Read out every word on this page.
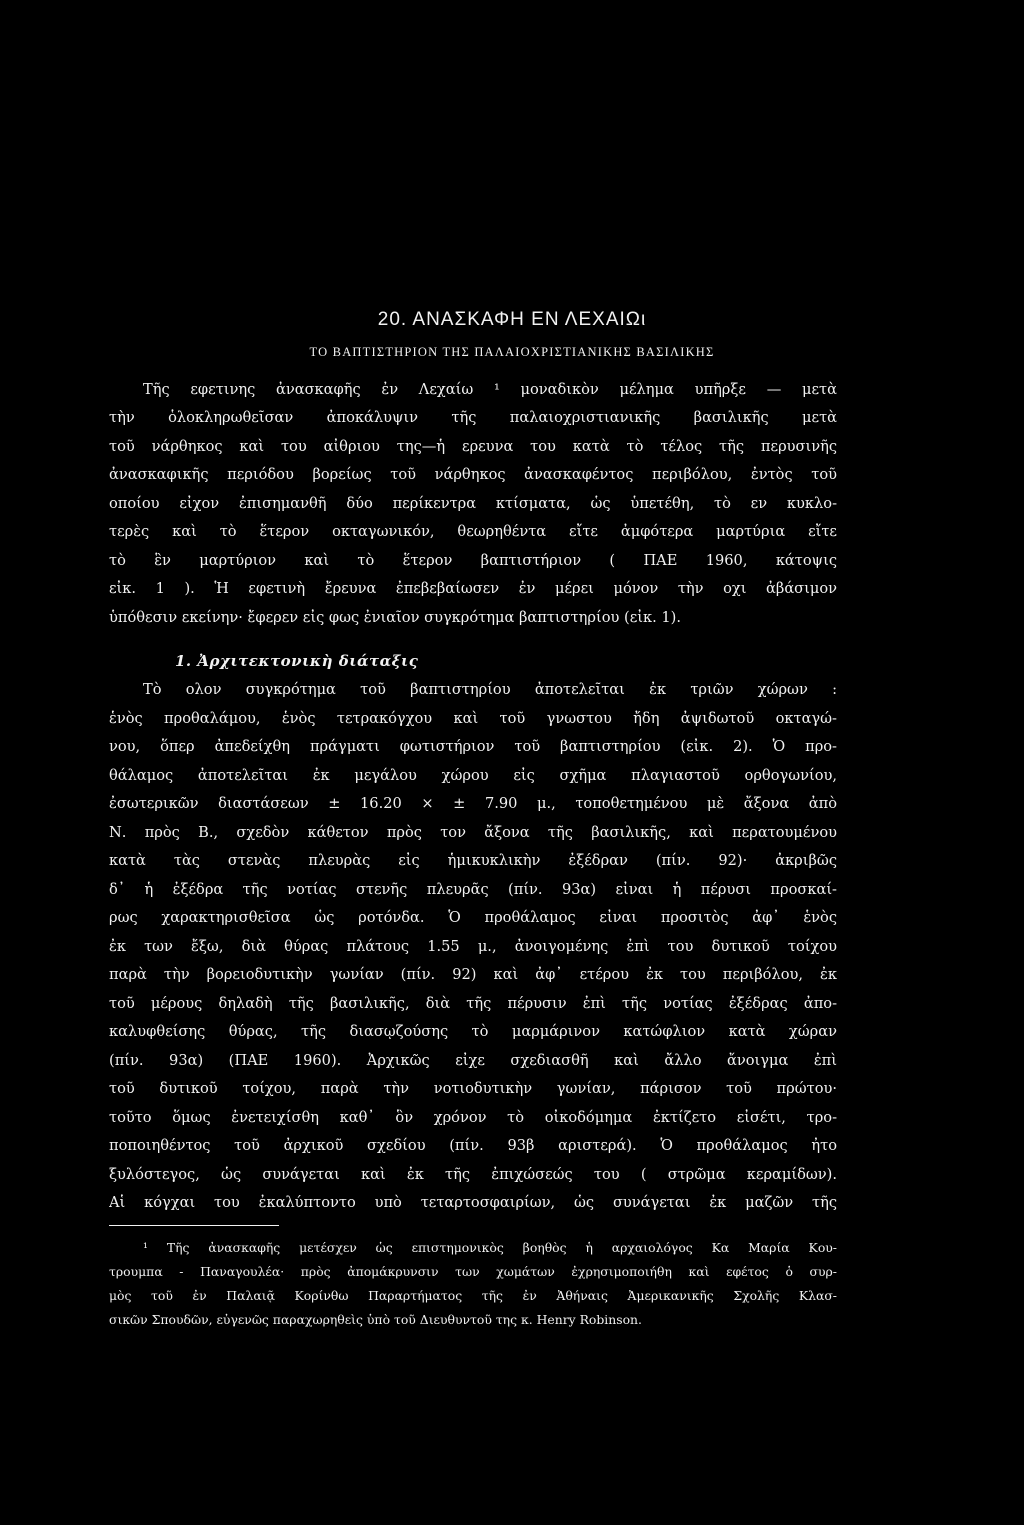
20. ΑΝΑΣΚΑΦΗ ΕΝ ΛΕΧΑΙΩι
ΤΟ ΒΑΠΤΙΣΤΗΡΙΟΝ ΤΗΣ ΠΑΛΑΙΟΧΡΙΣΤΙΑΝΙΚΗΣ ΒΑΣΙΛΙΚΗΣ
Τῆς εφετινης ἀνασκαφῆς ἐν Λεχαίω ¹ μοναδικὸν μέλημα υπῆρξε — μετὰ
τὴν ὁλοκληρωθεῖσαν ἀποκάλυψιν τῆς παλαιοχριστιανικῆς βασιλικῆς μετὰ
τοῦ νάρθηκος καὶ του αἰθριου της—ἡ ερευνα του κατὰ τὸ τέλος τῆς περυσινῆς
ἀνασκαφικῆς περιόδου βορείως τοῦ νάρθηκος ἀνασκαφέντος περιβόλου, ἐντὸς τοῦ
οποίου εἶχον ἐπισημανθῆ δύο περίκεντρα κτίσματα, ὡς ὑπετέθη, τὸ εν κυκλο-
τερὲς καὶ τὸ ἕτερον οκταγωνικόν, θεωρηθέντα εἴτε ἀμφότερα μαρτύρια εἴτε
τὸ ἓν μαρτύριον καὶ τὸ ἕτερον βαπτιστήριον ( ΠΑΕ 1960, κάτοψις
εἰκ. 1 ). Ἡ εφετινὴ ἔρευνα ἐπεβεβαίωσεν ἐν μέρει μόνον τὴν οχι ἀβάσιμον
ὑπόθεσιν εκείνην· ἔφερεν εἰς φως ἐνιαῖον συγκρότημα βαπτιστηρίου (εἰκ. 1).
1. Ἀρχιτεκτονικὴ διάταξις
Τὸ ολον συγκρότημα τοῦ βαπτιστηρίου ἀποτελεῖται ἐκ τριῶν χώρων :
ἑνὸς προθαλάμου, ἑνὸς τετρακόγχου καὶ τοῦ γνωστου ἤδη ἀψιδωτοῦ οκταγώ-
νου, ὅπερ ἀπεδείχθη πράγματι φωτιστήριον τοῦ βαπτιστηρίου (εἰκ. 2). Ὁ προ-
θάλαμος ἀποτελεῖται ἐκ μεγάλου χώρου εἰς σχῆμα πλαγιαστοῦ ορθογωνίου,
ἐσωτερικῶν διαστάσεων ± 16.20 × ± 7.90 μ., τοποθετημένου μὲ ἄξονα ἀπὸ
Ν. πρὸς Β., σχεδὸν κάθετον πρὸς τον ἄξονα τῆς βασιλικῆς, καὶ περατουμένου
κατὰ τὰς στενὰς πλευρὰς εἰς ἡμικυκλικὴν ἐξέδραν (πίν. 92)· ἀκριβῶς
δ᾽ ἡ ἐξέδρα τῆς νοτίας στενῆς πλευρᾶς (πίν. 93α) εἶναι ἡ πέρυσι προσκαί-
ρως χαρακτηρισθεῖσα ὡς ροτόνδα. Ὁ προθάλαμος εἶναι προσιτὸς ἀφ᾽ ἑνὸς
ἐκ των ἔξω, διὰ θύρας πλάτους 1.55 μ., ἀνοιγομένης ἐπὶ του δυτικοῦ τοίχου
παρὰ τὴν βορειοδυτικὴν γωνίαν (πίν. 92) καὶ ἀφ᾽ ετέρου ἐκ του περιβόλου, ἐκ
τοῦ μέρους δηλαδὴ τῆς βασιλικῆς, διὰ τῆς πέρυσιν ἐπὶ τῆς νοτίας ἐξέδρας ἀπο-
καλυφθείσης θύρας, τῆς διασῳζούσης τὸ μαρμάρινον κατώφλιον κατὰ χώραν
(πίν. 93α) (ΠΑΕ 1960). Ἀρχικῶς εἶχε σχεδιασθῆ καὶ ἄλλο ἄνοιγμα ἐπὶ
τοῦ δυτικοῦ τοίχου, παρὰ τὴν νοτιοδυτικὴν γωνίαν, πάρισον τοῦ πρώτου·
τοῦτο ὅμως ἐνετειχίσθη καθ᾽ ὃν χρόνον τὸ οἰκοδόμημα ἐκτίζετο εἰσέτι, τρο-
ποποιηθέντος τοῦ ἀρχικοῦ σχεδίου (πίν. 93β αριστερά). Ὁ προθάλαμος ἦτο
ξυλόστεγος, ὡς συνάγεται καὶ ἐκ τῆς ἐπιχώσεώς του ( στρῶμα κεραμίδων).
Αἱ κόγχαι του ἐκαλύπτοντο υπὸ τεταρτοσφαιρίων, ὡς συνάγεται ἐκ μαζῶν τῆς
¹ Τῆς ἀνασκαφῆς μετέσχεν ὡς επιστημονικὸς βοηθὸς ἡ αρχαιολόγος Κα Μαρία Κου-
τρουμπα - Παναγουλέα· πρὸς ἀπομάκρυνσιν των χωμάτων ἐχρησιμοποιήθη καὶ εφέτος ὁ συρ-
μὸς τοῦ ἐν Παλαιᾷ Κορίνθω Παραρτήματος τῆς ἐν Ἀθήναις Ἀμερικανικῆς Σχολῆς Κλασ-
σικῶν Σπουδῶν, εὐγενῶς παραχωρηθεὶς ὑπὸ τοῦ Διευθυντοῦ της κ. Henry Robinson.
